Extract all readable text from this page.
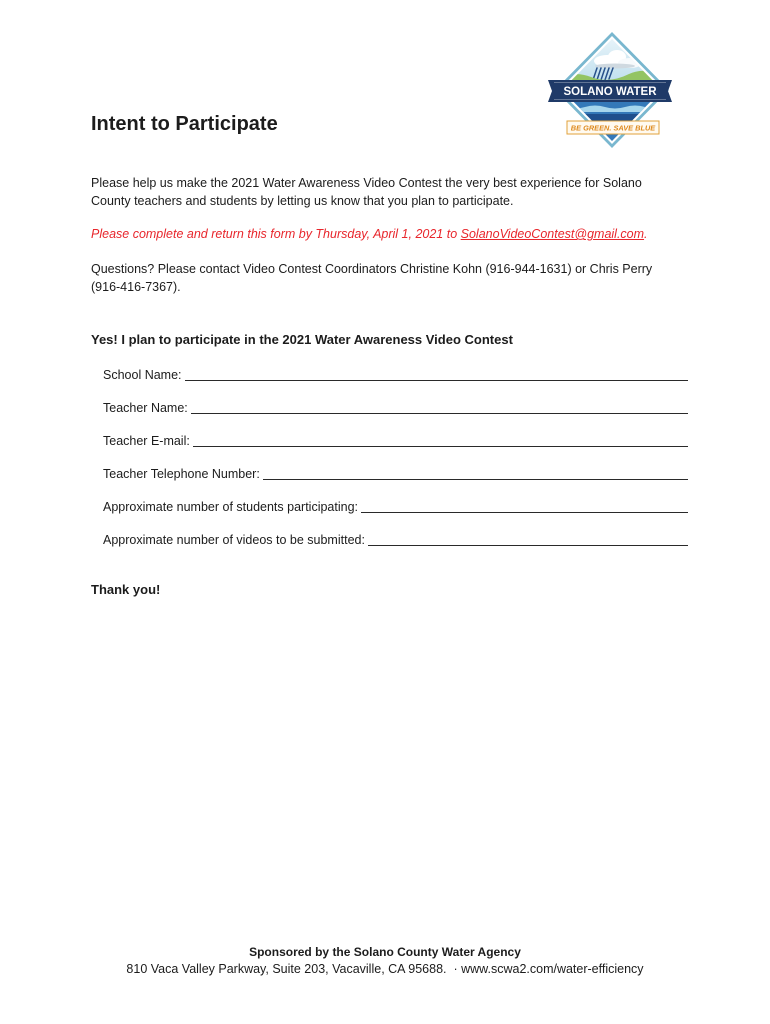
SOLANO WATER
BE GREEN. SAVE BLUE
Intent to Participate
Please help us make the 2021 Water Awareness Video Contest the very best experience for Solano
County teachers and students by letting us know that you plan to participate.
Please complete and return this form by Thursday, April 1, 2021 to SolanoVideoContest@gmail.com.
Questions? Please contact Video Contest Coordinators Christine Kohn (916-944-1631) or Chris Perry
(916-416-7367).
Yes! I plan to participate in the 2021 Water Awareness Video Contest
School Name:
Teacher Name:
Teacher E-mail:
Teacher Telephone Number:
Approximate number of students participating:
Approximate number of videos to be submitted:
Thank you!
Sponsored by the Solano County Water Agency
810 Vaca Valley Parkway, Suite 203, Vacaville, CA 95688.  · www.scwa2.com/water-efficiency
